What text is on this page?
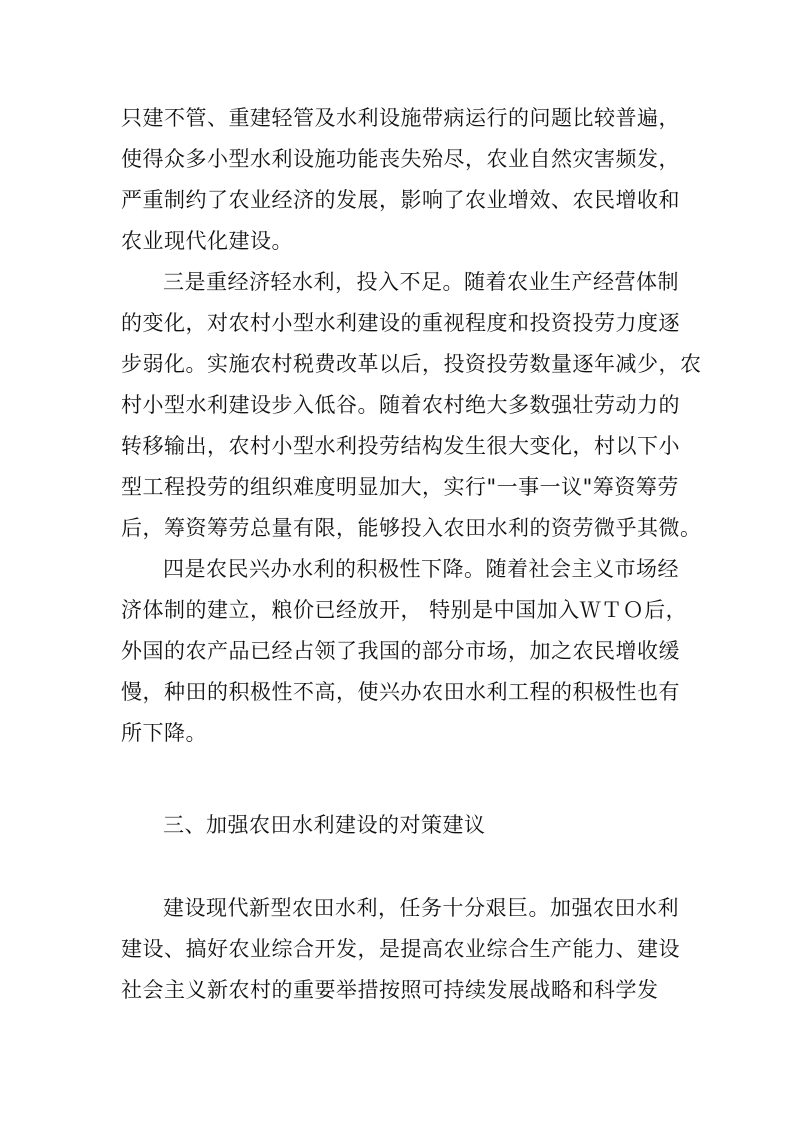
只建不管、重建轻管及水利设施带病运行的问题比较普遍，
使得众多小型水利设施功能丧失殆尽，农业自然灾害频发，
严重制约了农业经济的发展，影响了农业增效、农民增收和
农业现代化建设。
三是重经济轻水利，投入不足。随着农业生产经营体制
的变化，对农村小型水利建设的重视程度和投资投劳力度逐
步弱化。实施农村税费改革以后，投资投劳数量逐年减少，农
村小型水利建设步入低谷。随着农村绝大多数强壮劳动力的
转移输出，农村小型水利投劳结构发生很大变化，村以下小
型工程投劳的组织难度明显加大，实行"一事一议"筹资筹劳
后，筹资筹劳总量有限，能够投入农田水利的资劳微乎其微。
四是农民兴办水利的积极性下降。随着社会主义市场经
济体制的建立，粮价已经放开， 特别是中国加入ＷＴＯ后，
外国的农产品已经占领了我国的部分市场，加之农民增收缓
慢，种田的积极性不高，使兴办农田水利工程的积极性也有
所下降。
三、加强农田水利建设的对策建议
建设现代新型农田水利，任务十分艰巨。加强农田水利
建设、搞好农业综合开发，是提高农业综合生产能力、建设
社会主义新农村的重要举措按照可持续发展战略和科学发
